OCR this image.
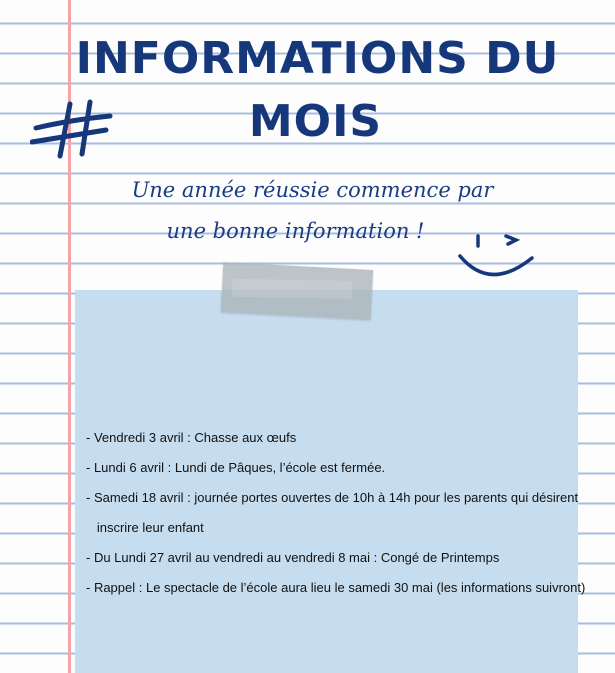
INFORMATIONS DU
MOIS
Une année réussie commence par
une bonne information !
- Vendredi 3 avril : Chasse aux œufs
- Lundi 6 avril : Lundi de Pâques, l’école est fermée.
- Samedi 18 avril : journée portes ouvertes de 10h à 14h pour les parents qui désirent
inscrire leur enfant
- Du Lundi 27 avril au vendredi au vendredi 8 mai : Congé de Printemps
- Rappel : Le spectacle de l’école aura lieu le samedi 30 mai (les informations suivront)
